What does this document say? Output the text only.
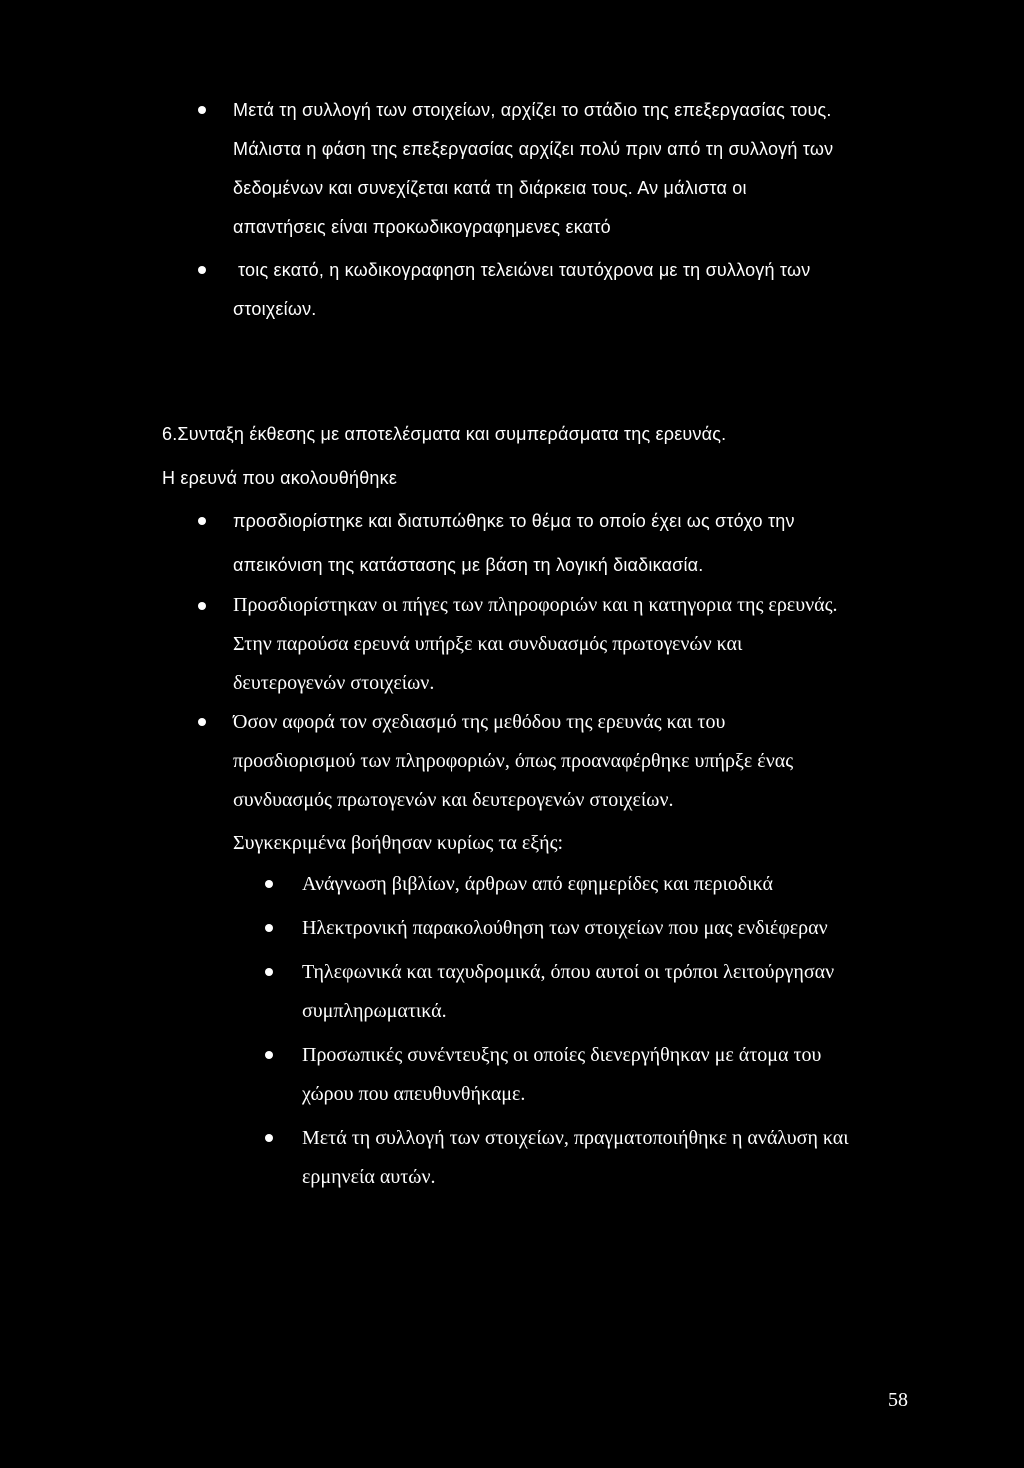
Μετά τη συλλογή των στοιχείων, αρχίζει το στάδιο της επεξεργασίας τους.
Μάλιστα η φάση της επεξεργασίας αρχίζει πολύ πριν από τη συλλογή των
δεδομένων και συνεχίζεται κατά τη διάρκεια τους. Αν μάλιστα οι
απαντήσεις είναι προκωδικογραφημενες εκατό
τοις εκατό, η κωδικογραφηση τελειώνει ταυτόχρονα με τη συλλογή των
στοιχείων.
6.Συνταξη έκθεσης με αποτελέσματα και συμπεράσματα της ερευνάς.
Η ερευνά που ακολουθήθηκε
προσδιορίστηκε και διατυπώθηκε το θέμα το οποίο έχει ως στόχο την
απεικόνιση της κατάστασης με βάση τη λογική διαδικασία.
Προσδιορίστηκαν οι πήγες των πληροφοριών και η κατηγορια της ερευνάς.
Στην παρούσα ερευνά υπήρξε και συνδυασμός πρωτογενών και
δευτερογενών στοιχείων.
Όσον αφορά τον σχεδιασμό της μεθόδου της ερευνάς και του
προσδιορισμού των πληροφοριών, όπως προαναφέρθηκε υπήρξε ένας
συνδυασμός πρωτογενών και δευτερογενών στοιχείων.
Συγκεκριμένα βοήθησαν κυρίως τα εξής:
Ανάγνωση βιβλίων, άρθρων από εφημερίδες και περιοδικά
Ηλεκτρονική παρακολούθηση των στοιχείων που μας ενδιέφεραν
Τηλεφωνικά και ταχυδρομικά, όπου αυτοί οι τρόποι λειτούργησαν
συμπληρωματικά.
Προσωπικές συνέντευξης οι οποίες διενεργήθηκαν με άτομα του
χώρου που απευθυνθήκαμε.
Μετά τη συλλογή των στοιχείων, πραγματοποιήθηκε η ανάλυση και
ερμηνεία αυτών.
58
